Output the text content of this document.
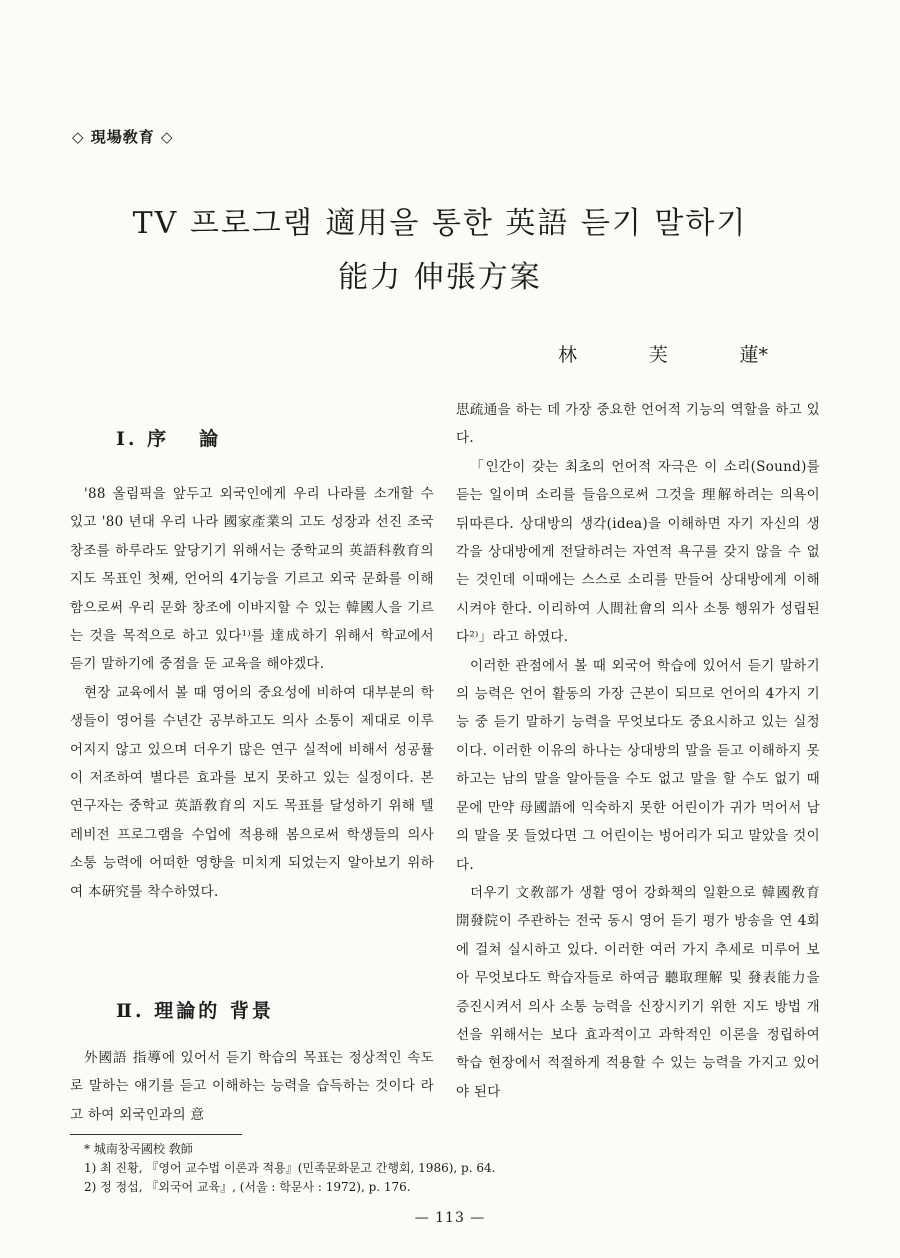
◇ 現場敎育 ◇
TV 프로그램 適用을 통한 英語 듣기 말하기
能力 伸張方案
林	芙	蓮*
Ⅰ. 序 論

'88 올림픽을 앞두고 외국인에게 우리 나라를 소개할 수 있고 '80 년대 우리 나라 國家產業의 고도 성장과 선진 조국 창조를 하루라도 앞당기기 위해서는 중학교의 英語科敎育의 지도 목표인 첫째, 언어의 4기능을 기르고 외국 문화를 이해함으로써 우리 문화 창조에 이바지할 수 있는 韓國人을 기르는 것을 목적으로 하고 있다¹⁾를 達成하기 위해서 학교에서 듣기 말하기에 중점을 둔 교육을 해야겠다.

현장 교육에서 볼 때 영어의 중요성에 비하여 대부분의 학생들이 영어를 수년간 공부하고도 의사 소통이 제대로 이루어지지 않고 있으며 더우기 많은 연구 실적에 비해서 성공률이 저조하여 별다른 효과를 보지 못하고 있는 실정이다. 본 연구자는 중학교 英語敎育의 지도 목표를 달성하기 위해 텔레비전 프로그램을 수업에 적용해 봄으로써 학생들의 의사 소통 능력에 어떠한 영향을 미치게 되었는지 알아보기 위하여 本硏究를 착수하였다.

Ⅱ. 理論的 背景

外國語 指導에 있어서 듣기 학습의 목표는 정상적인 속도로 말하는 얘기를 듣고 이해하는 능력을 습득하는 것이다 라고 하여 외국인과의 意

思疏通을 하는 데 가장 중요한 언어적 기능의 역할을 하고 있다.

「인간이 갖는 최초의 언어적 자극은 이 소리(Sound)를 듣는 일이며 소리를 들음으로써 그것을 理解하려는 의욕이 뒤따른다. 상대방의 생각(idea)을 이해하면 자기 자신의 생각을 상대방에게 전달하려는 자연적 욕구를 갖지 않을 수 없는 것인데 이때에는 스스로 소리를 만들어 상대방에게 이해시켜야 한다. 이리하여 人間社會의 의사 소통 행위가 성립된다²⁾」라고 하였다.

이러한 관점에서 볼 때 외국어 학습에 있어서 듣기 말하기의 능력은 언어 활동의 가장 근본이 되므로 언어의 4가지 기능 중 듣기 말하기 능력을 무엇보다도 중요시하고 있는 실정이다. 이러한 이유의 하나는 상대방의 말을 듣고 이해하지 못하고는 남의 말을 알아들을 수도 없고 말을 할 수도 없기 때문에 만약 母國語에 익숙하지 못한 어린이가 귀가 먹어서 남의 말을 못 들었다면 그 어린이는 벙어리가 되고 말았을 것이다.

더우기 文敎部가 생활 영어 강화책의 일환으로 韓國敎育開發院이 주관하는 전국 동시 영어 듣기 평가 방송을 연 4회에 걸쳐 실시하고 있다. 이러한 여러 가지 추세로 미루어 보아 무엇보다도 학습자들로 하여금 聽取理解 및 發表能力을 증진시켜서 의사 소통 능력을 신장시키기 위한 지도 방법 개선을 위해서는 보다 효과적이고 과학적인 이론을 정립하여 학습 현장에서 적절하게 적용할 수 있는 능력을 가지고 있어야 된다

* 城南창곡國校 敎師
1) 최 진황, 『영어 교수법 이론과 적용』(민족문화문고 간행회, 1986), p. 64.
2) 정 정섭, 『외국어 교육』, (서울 : 학문사 : 1972), p. 176.
— 113 —
